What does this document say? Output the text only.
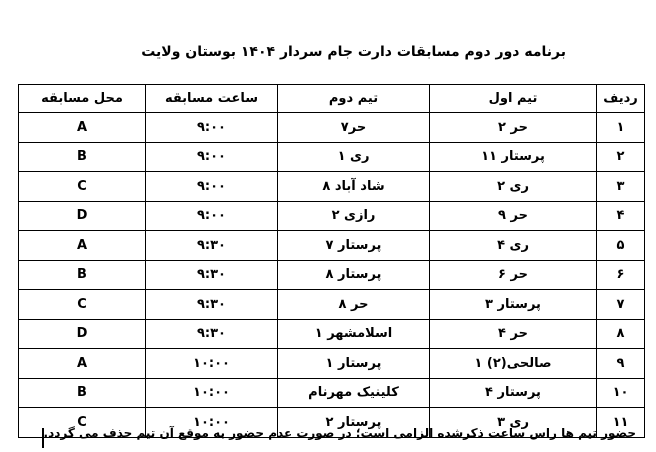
برنامه دور دوم مسابقات دارت جام سردار ۱۴۰۴ بوستان ولایت
ردیف	تیم اول	تیم دوم	ساعت مسابقه	محل مسابقه
۱	حر ۲	حر۷	۹:۰۰	A
۲	پرستار ۱۱	ری ۱	۹:۰۰	B
۳	ری ۲	شاد آباد ۸	۹:۰۰	C
۴	حر ۹	رازی ۲	۹:۰۰	D
۵	ری ۴	پرستار ۷	۹:۳۰	A
۶	حر ۶	پرستار ۸	۹:۳۰	B
۷	پرستار ۳	حر ۸	۹:۳۰	C
۸	حر ۴	اسلامشهر ۱	۹:۳۰	D
۹	صالحی(۲) ۱	پرستار ۱	۱۰:۰۰	A
۱۰	پرستار ۴	کلینیک مهرنام	۱۰:۰۰	B
۱۱	ری ۳	پرستار ۲	۱۰:۰۰	C
حضور تیم ها راس ساعت ذکرشده الزامی است؛ در صورت عدم حضور به موقع آن تیم حذف می گردد.
